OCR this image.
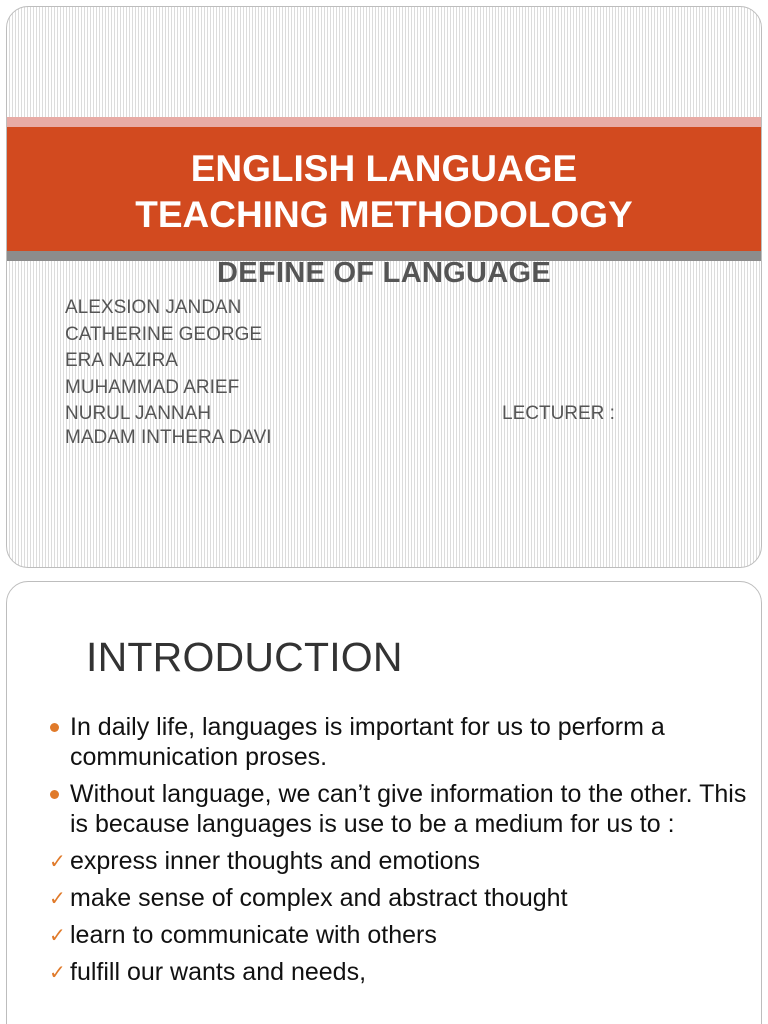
ENGLISH LANGUAGE
TEACHING METHODOLOGY
DEFINE OF LANGUAGE
ALEXSION JANDAN
CATHERINE GEORGE
ERA NAZIRA
MUHAMMAD ARIEF
NURUL JANNAH	LECTURER :
MADAM INTHERA DAVI
INTRODUCTION
In daily life, languages is important for us to perform a communication proses.
Without language, we can’t give information to the other. This is because languages is use to be a medium for us to :
✓ express inner thoughts and emotions
✓ make sense of complex and abstract thought
✓ learn to communicate with others
✓ fulfill our wants and needs,
